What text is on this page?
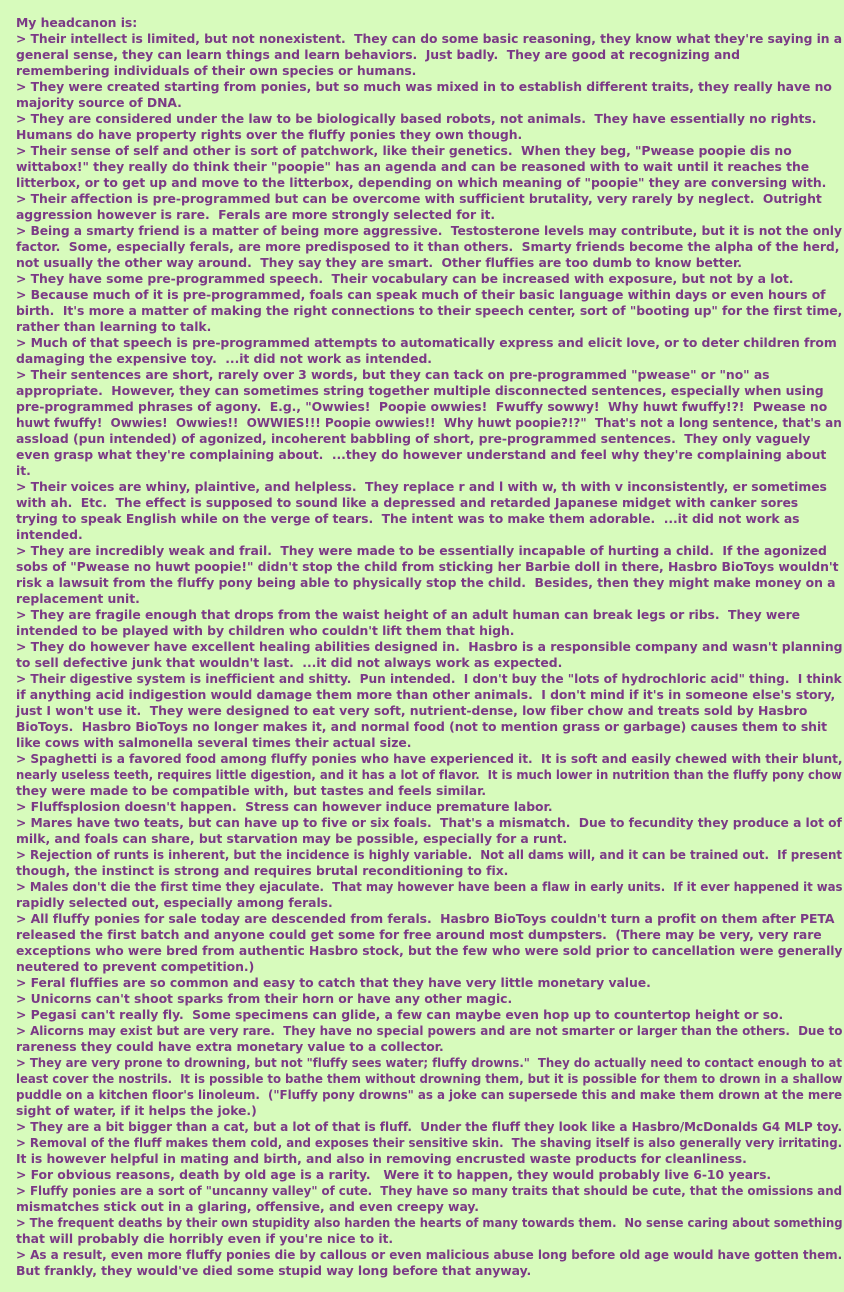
My headcanon is:
> Their intellect is limited, but not nonexistent.  They can do some basic reasoning, they know what they're saying in a
general sense, they can learn things and learn behaviors.  Just badly.  They are good at recognizing and
remembering individuals of their own species or humans.
> They were created starting from ponies, but so much was mixed in to establish different traits, they really have no
majority source of DNA.
> They are considered under the law to be biologically based robots, not animals.  They have essentially no rights.
Humans do have property rights over the fluffy ponies they own though.
> Their sense of self and other is sort of patchwork, like their genetics.  When they beg, "Pwease poopie dis no
wittabox!" they really do think their "poopie" has an agenda and can be reasoned with to wait until it reaches the
litterbox, or to get up and move to the litterbox, depending on which meaning of "poopie" they are conversing with.
> Their affection is pre-programmed but can be overcome with sufficient brutality, very rarely by neglect.  Outright
aggression however is rare.  Ferals are more strongly selected for it.
> Being a smarty friend is a matter of being more aggressive.  Testosterone levels may contribute, but it is not the only
factor.  Some, especially ferals, are more predisposed to it than others.  Smarty friends become the alpha of the herd,
not usually the other way around.  They say they are smart.  Other fluffies are too dumb to know better.
> They have some pre-programmed speech.  Their vocabulary can be increased with exposure, but not by a lot.
> Because much of it is pre-programmed, foals can speak much of their basic language within days or even hours of
birth.  It's more a matter of making the right connections to their speech center, sort of "booting up" for the first time,
rather than learning to talk.
> Much of that speech is pre-programmed attempts to automatically express and elicit love, or to deter children from
damaging the expensive toy.  ...it did not work as intended.
> Their sentences are short, rarely over 3 words, but they can tack on pre-programmed "pwease" or "no" as
appropriate.  However, they can sometimes string together multiple disconnected sentences, especially when using
pre-programmed phrases of agony.  E.g., "Owwies!  Poopie owwies!  Fwuffy sowwy!  Why huwt fwuffy!?!  Pwease no
huwt fwuffy!  Owwies!  Owwies!!  OWWIES!!! Poopie owwies!!  Why huwt poopie?!?"  That's not a long sentence, that's an
assload (pun intended) of agonized, incoherent babbling of short, pre-programmed sentences.  They only vaguely
even grasp what they're complaining about.  ...they do however understand and feel why they're complaining about
it.
> Their voices are whiny, plaintive, and helpless.  They replace r and l with w, th with v inconsistently, er sometimes
with ah.  Etc.  The effect is supposed to sound like a depressed and retarded Japanese midget with canker sores
trying to speak English while on the verge of tears.  The intent was to make them adorable.  ...it did not work as
intended.
> They are incredibly weak and frail.  They were made to be essentially incapable of hurting a child.  If the agonized
sobs of "Pwease no huwt poopie!" didn't stop the child from sticking her Barbie doll in there, Hasbro BioToys wouldn't
risk a lawsuit from the fluffy pony being able to physically stop the child.  Besides, then they might make money on a
replacement unit.
> They are fragile enough that drops from the waist height of an adult human can break legs or ribs.  They were
intended to be played with by children who couldn't lift them that high.
> They do however have excellent healing abilities designed in.  Hasbro is a responsible company and wasn't planning
to sell defective junk that wouldn't last.  ...it did not always work as expected.
> Their digestive system is inefficient and shitty.  Pun intended.  I don't buy the "lots of hydrochloric acid" thing.  I think
if anything acid indigestion would damage them more than other animals.  I don't mind if it's in someone else's story,
just I won't use it.  They were designed to eat very soft, nutrient-dense, low fiber chow and treats sold by Hasbro
BioToys.  Hasbro BioToys no longer makes it, and normal food (not to mention grass or garbage) causes them to shit
like cows with salmonella several times their actual size.
> Spaghetti is a favored food among fluffy ponies who have experienced it.  It is soft and easily chewed with their blunt,
nearly useless teeth, requires little digestion, and it has a lot of flavor.  It is much lower in nutrition than the fluffy pony chow
they were made to be compatible with, but tastes and feels similar.
> Fluffsplosion doesn't happen.  Stress can however induce premature labor.
> Mares have two teats, but can have up to five or six foals.  That's a mismatch.  Due to fecundity they produce a lot of
milk, and foals can share, but starvation may be possible, especially for a runt.
> Rejection of runts is inherent, but the incidence is highly variable.  Not all dams will, and it can be trained out.  If present
though, the instinct is strong and requires brutal reconditioning to fix.
> Males don't die the first time they ejaculate.  That may however have been a flaw in early units.  If it ever happened it was
rapidly selected out, especially among ferals.
> All fluffy ponies for sale today are descended from ferals.  Hasbro BioToys couldn't turn a profit on them after PETA
released the first batch and anyone could get some for free around most dumpsters.  (There may be very, very rare
exceptions who were bred from authentic Hasbro stock, but the few who were sold prior to cancellation were generally
neutered to prevent competition.)
> Feral fluffies are so common and easy to catch that they have very little monetary value.
> Unicorns can't shoot sparks from their horn or have any other magic.
> Pegasi can't really fly.  Some specimens can glide, a few can maybe even hop up to countertop height or so.
> Alicorns may exist but are very rare.  They have no special powers and are not smarter or larger than the others.  Due to
rareness they could have extra monetary value to a collector.
> They are very prone to drowning, but not "fluffy sees water; fluffy drowns."  They do actually need to contact enough to at
least cover the nostrils.  It is possible to bathe them without drowning them, but it is possible for them to drown in a shallow
puddle on a kitchen floor's linoleum.  ("Fluffy pony drowns" as a joke can supersede this and make them drown at the mere
sight of water, if it helps the joke.)
> They are a bit bigger than a cat, but a lot of that is fluff.  Under the fluff they look like a Hasbro/McDonalds G4 MLP toy.
> Removal of the fluff makes them cold, and exposes their sensitive skin.  The shaving itself is also generally very irritating.
It is however helpful in mating and birth, and also in removing encrusted waste products for cleanliness.
> For obvious reasons, death by old age is a rarity.   Were it to happen, they would probably live 6-10 years.
> Fluffy ponies are a sort of "uncanny valley" of cute.  They have so many traits that should be cute, that the omissions and
mismatches stick out in a glaring, offensive, and even creepy way.
> The frequent deaths by their own stupidity also harden the hearts of many towards them.  No sense caring about something
that will probably die horribly even if you're nice to it.
> As a result, even more fluffy ponies die by callous or even malicious abuse long before old age would have gotten them.
But frankly, they would've died some stupid way long before that anyway.
